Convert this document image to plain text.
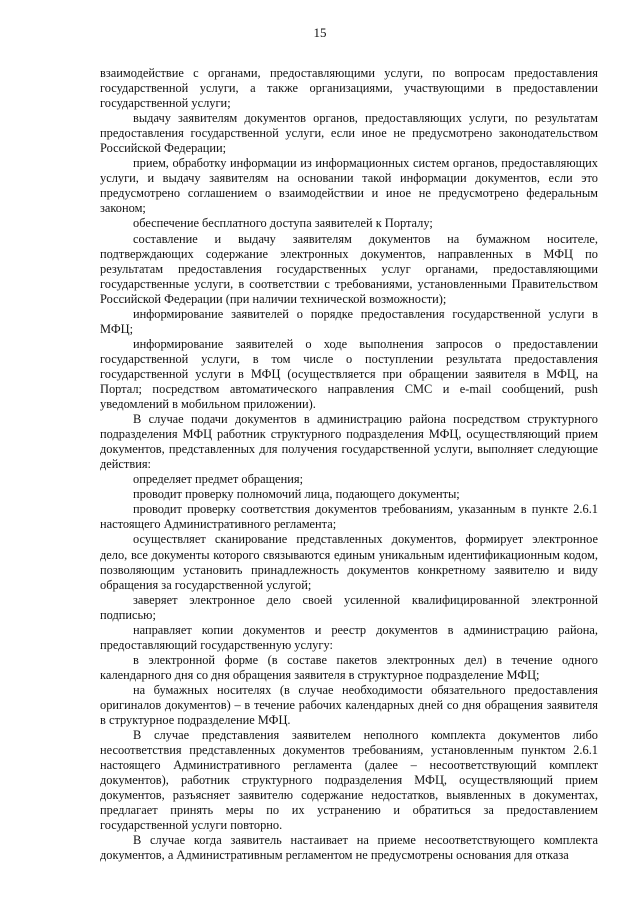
15

взаимодействие с органами, предоставляющими услуги, по вопросам предоставления государственной услуги, а также организациями, участвующими в предоставлении государственной услуги;

выдачу заявителям документов органов, предоставляющих услуги, по результатам предоставления государственной услуги, если иное не предусмотрено законодательством Российской Федерации;

прием, обработку информации из информационных систем органов, предоставляющих услуги, и выдачу заявителям на основании такой информации документов, если это предусмотрено соглашением о взаимодействии и иное не предусмотрено федеральным законом;

обеспечение бесплатного доступа заявителей к Порталу;

составление и выдачу заявителям документов на бумажном носителе, подтверждающих содержание электронных документов, направленных в МФЦ по результатам предоставления государственных услуг органами, предоставляющими государственные услуги, в соответствии с требованиями, установленными Правительством Российской Федерации (при наличии технической возможности);

информирование заявителей о порядке предоставления государственной услуги в МФЦ;

информирование заявителей о ходе выполнения запросов о предоставлении государственной услуги, в том числе о поступлении результата предоставления государственной услуги в МФЦ (осуществляется при обращении заявителя в МФЦ, на Портал; посредством автоматического направления СМС и e-mail сообщений, push уведомлений в мобильном приложении).

В случае подачи документов в администрацию района посредством структурного подразделения МФЦ работник структурного подразделения МФЦ, осуществляющий прием документов, представленных для получения государственной услуги, выполняет следующие действия:

определяет предмет обращения;

проводит проверку полномочий лица, подающего документы;

проводит проверку соответствия документов требованиям, указанным в пункте 2.6.1 настоящего Административного регламента;

осуществляет сканирование представленных документов, формирует электронное дело, все документы которого связываются единым уникальным идентификационным кодом, позволяющим установить принадлежность документов конкретному заявителю и виду обращения за государственной услугой;

заверяет электронное дело своей усиленной квалифицированной электронной подписью;

направляет копии документов и реестр документов в администрацию района, предоставляющий государственную услугу:

в электронной форме (в составе пакетов электронных дел) в течение одного календарного дня со дня обращения заявителя в структурное подразделение МФЦ;

на бумажных носителях (в случае необходимости обязательного предоставления оригиналов документов) – в течение рабочих календарных дней со дня обращения заявителя в структурное подразделение МФЦ.

В случае представления заявителем неполного комплекта документов либо несоответствия представленных документов требованиям, установленным пунктом 2.6.1 настоящего Административного регламента (далее – несоответствующий комплект документов), работник структурного подразделения МФЦ, осуществляющий прием документов, разъясняет заявителю содержание недостатков, выявленных в документах, предлагает принять меры по их устранению и обратиться за предоставлением государственной услуги повторно.

В случае когда заявитель настаивает на приеме несоответствующего комплекта документов, а Административным регламентом не предусмотрены основания для отказа
